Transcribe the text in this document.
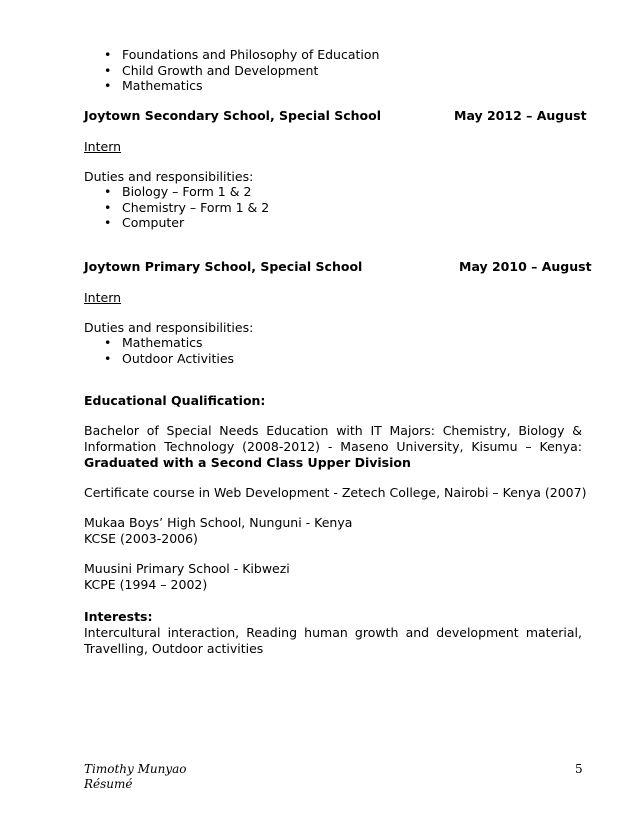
• Foundations and Philosophy of Education
• Child Growth and Development
• Mathematics
Joytown Secondary School, Special School	May 2012 – August
Intern
Duties and responsibilities:
• Biology – Form 1 & 2
• Chemistry – Form 1 & 2
• Computer
Joytown Primary School, Special School	May 2010 – August
Intern
Duties and responsibilities:
• Mathematics
• Outdoor Activities
Educational Qualification:
Bachelor of Special Needs Education with IT Majors: Chemistry, Biology & Information Technology (2008-2012) - Maseno University, Kisumu – Kenya: Graduated with a Second Class Upper Division
Certificate course in Web Development - Zetech College, Nairobi – Kenya (2007)
Mukaa Boys’ High School, Nunguni - Kenya
KCSE (2003-2006)
Muusini Primary School - Kibwezi
KCPE (1994 – 2002)
Interests:
Intercultural interaction, Reading human growth and development material, Travelling, Outdoor activities
Timothy Munyao
Résumé
5
